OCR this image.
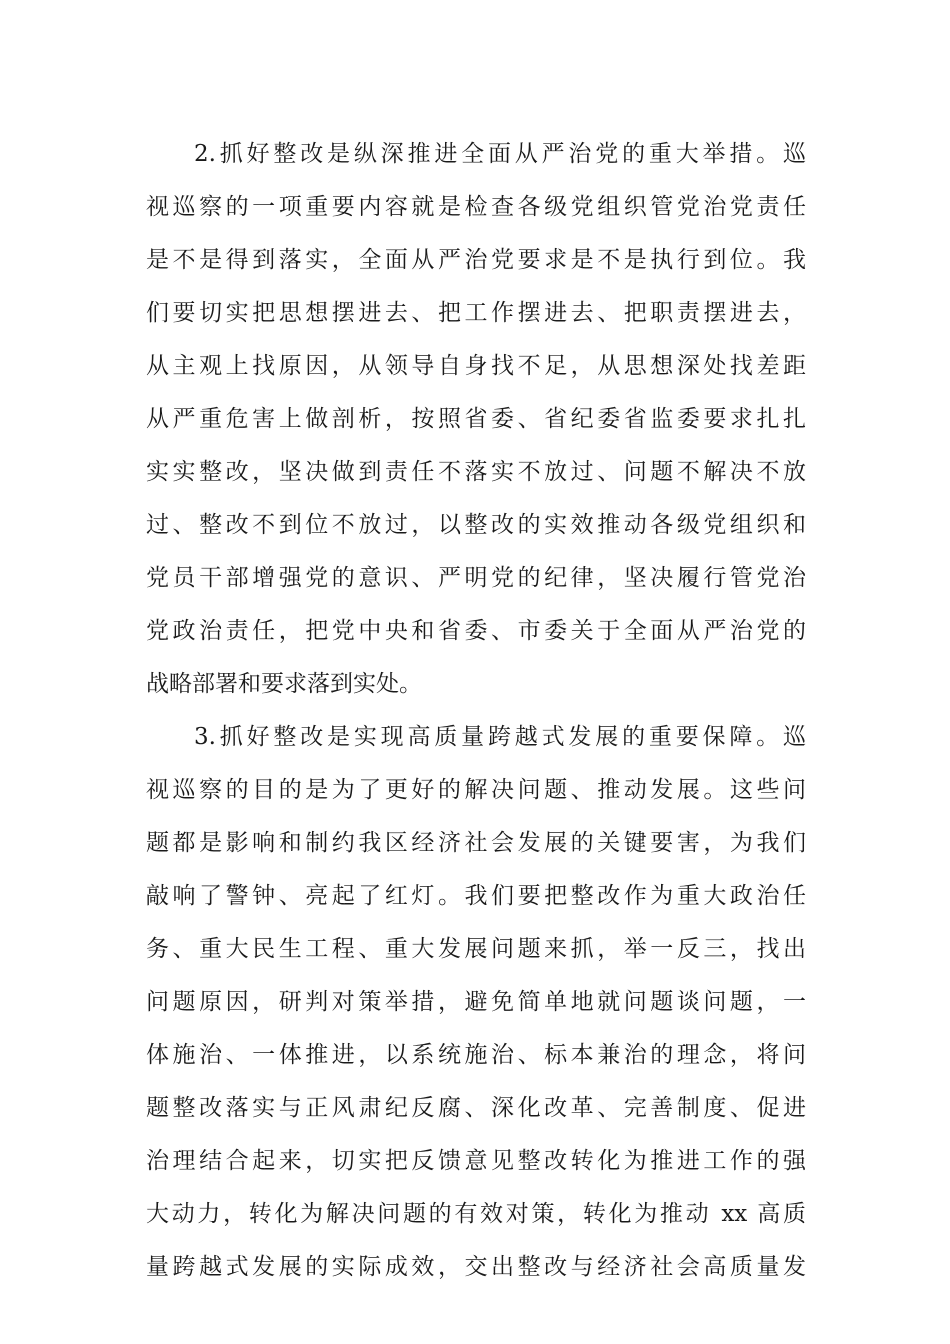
2.抓好整改是纵深推进全面从严治党的重大举措。巡
视巡察的一项重要内容就是检查各级党组织管党治党责任
是不是得到落实，全面从严治党要求是不是执行到位。我
们要切实把思想摆进去、把工作摆进去、把职责摆进去，
从主观上找原因，从领导自身找不足，从思想深处找差距
从严重危害上做剖析，按照省委、省纪委省监委要求扎扎
实实整改，坚决做到责任不落实不放过、问题不解决不放
过、整改不到位不放过，以整改的实效推动各级党组织和
党员干部增强党的意识、严明党的纪律，坚决履行管党治
党政治责任，把党中央和省委、市委关于全面从严治党的
战略部署和要求落到实处。
3.抓好整改是实现高质量跨越式发展的重要保障。巡
视巡察的目的是为了更好的解决问题、推动发展。这些问
题都是影响和制约我区经济社会发展的关键要害，为我们
敲响了警钟、亮起了红灯。我们要把整改作为重大政治任
务、重大民生工程、重大发展问题来抓，举一反三，找出
问题原因，研判对策举措，避免简单地就问题谈问题，一
体施治、一体推进，以系统施治、标本兼治的理念，将问
题整改落实与正风肃纪反腐、深化改革、完善制度、促进
治理结合起来，切实把反馈意见整改转化为推进工作的强
大动力，转化为解决问题的有效对策，转化为推动 xx 高质
量跨越式发展的实际成效，交出整改与经济社会高质量发
